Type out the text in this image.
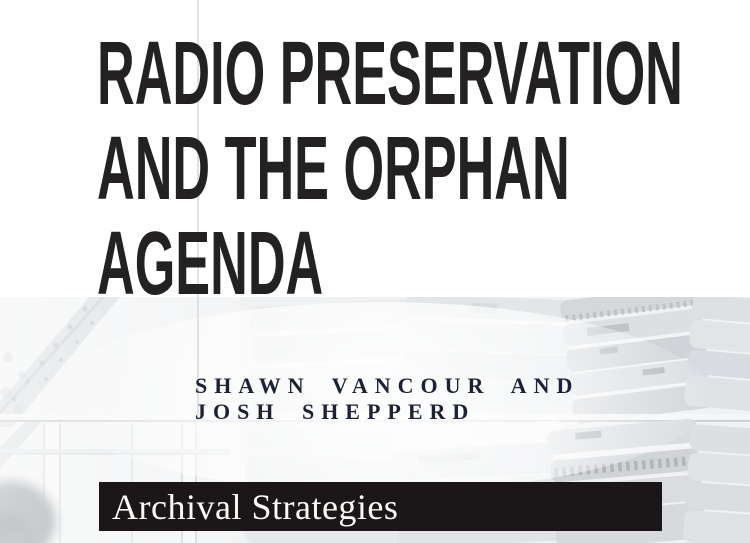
RADIO PRESERVATION
AND THE ORPHAN
AGENDA
SHAWN VANCOUR AND
JOSH SHEPPERD
Archival Strategies
